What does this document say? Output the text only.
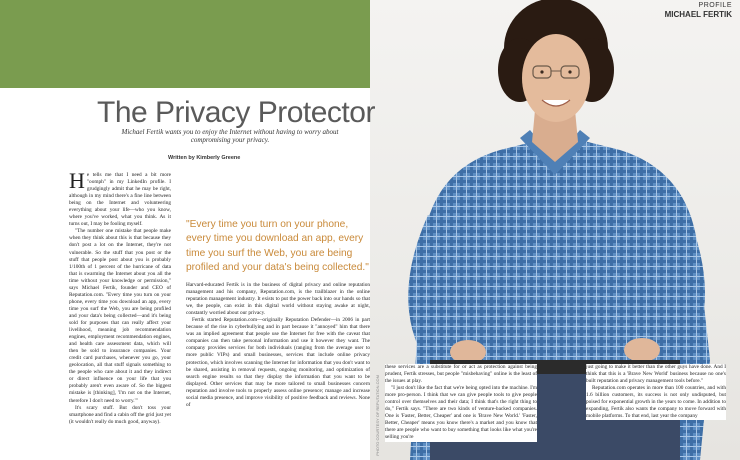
PROFILE
MICHAEL FERTIK
The Privacy Protector
Michael Fertik wants you to enjoy the Internet without having to worry about compromising your privacy.
Written by Kimberly Greene
H e tells me that I need a bit more "oomph" in my LinkedIn profile. I grudgingly admit that he may be right, although in my mind there's a fine line between being on the Internet and volunteering everything about your life—who you know, where you've worked, what you think. As it turns out, I may be fooling myself.

"The number one mistake that people make when they think about this is that because they don't post a lot on the Internet, they're not vulnerable. So the stuff that you post or the stuff that people post about you is probably 1/100th of 1 percent of the hurricane of data that is swarming the Internet about you all the time without your knowledge or permission," says Michael Fertik, founder and CEO of Reputation.com. "Every time you turn on your phone, every time you download an app, every time you surf the Web, you are being profiled and your data's being collected—and it's being sold for purposes that can really affect your livelihood, meaning job recommendation engines, employment recommendation engines, and health care assessment data, which will then be sold to insurance companies. Your credit card purchases, whenever you go, your geolocation, all that stuff signals something to the people who care about it and they indirect or direct influence on your life that you probably aren't even aware of. So the biggest mistake is [thinking], 'I'm not on the Internet, therefore I don't need to worry.'"

It's scary stuff. But don't toss your smartphone and find a cabin off the grid just yet (it wouldn't really do much good, anyway).

"Every time you turn on your phone, every time you download an app, every time you surf the Web, you are being profiled and your data's being collected."

Harvard-educated Fertik is in the business of digital privacy and online reputation management and his company, Reputation.com, is the trailblazer in the online reputation management industry. It exists to put the power back into our hands so that we, the people, can exist in this digital world without staying awake at night, constantly worried about our privacy.

Fertik started Reputation.com—originally Reputation Defender—in 2006 in part because of the rise in cyberbullying and in part because it "annoyed" him that there was an implied agreement that people use the Internet for free with the caveat that companies can then take personal information and use it however they want. The company provides services for both individuals (ranging from the average user to more public VIPs) and small businesses, services that include online privacy protection, which involves scanning the Internet for information that you don't want to be shared, assisting in removal requests, ongoing monitoring, and optimization of search engine results so that they display the information that you want to be displayed. Other services that may be more tailored to small businesses concern reputation and involve tools to properly assess online presence; manage and increase social media presence, and improve visibility of positive feedback and reviews. None of	PHOTO COURTESY OF REPUTATION.COM

these services are a substitute for or act as protection against being prudent, Fertik stresses, but people "misbehaving" online is the least of the issues at play.

"I just don't like the fact that we're being opted into the machine. I'm more pro-person. I think that we can give people tools to give people control over themselves and their data; I think that's the right thing to do," Fertik says. "There are two kinds of venture-backed companies. One is 'Faster, Better, Cheaper' and one is 'Brave New World.' 'Faster, Better, Cheaper' means you know there's a market and you know that there are people who want to buy something that looks like what you're selling you're

just going to make it better than the other guys have done. And I think that this is a 'Brave New World' business because no one's built reputation and privacy management tools before."

Reputation.com operates in more than 100 countries, and with 1.6 billion customers, its success is not only undisputed, but poised for exponential growth in the years to come. In addition to expanding, Fertik also wants the company to move forward with mobile platforms. To that end, last year the company
